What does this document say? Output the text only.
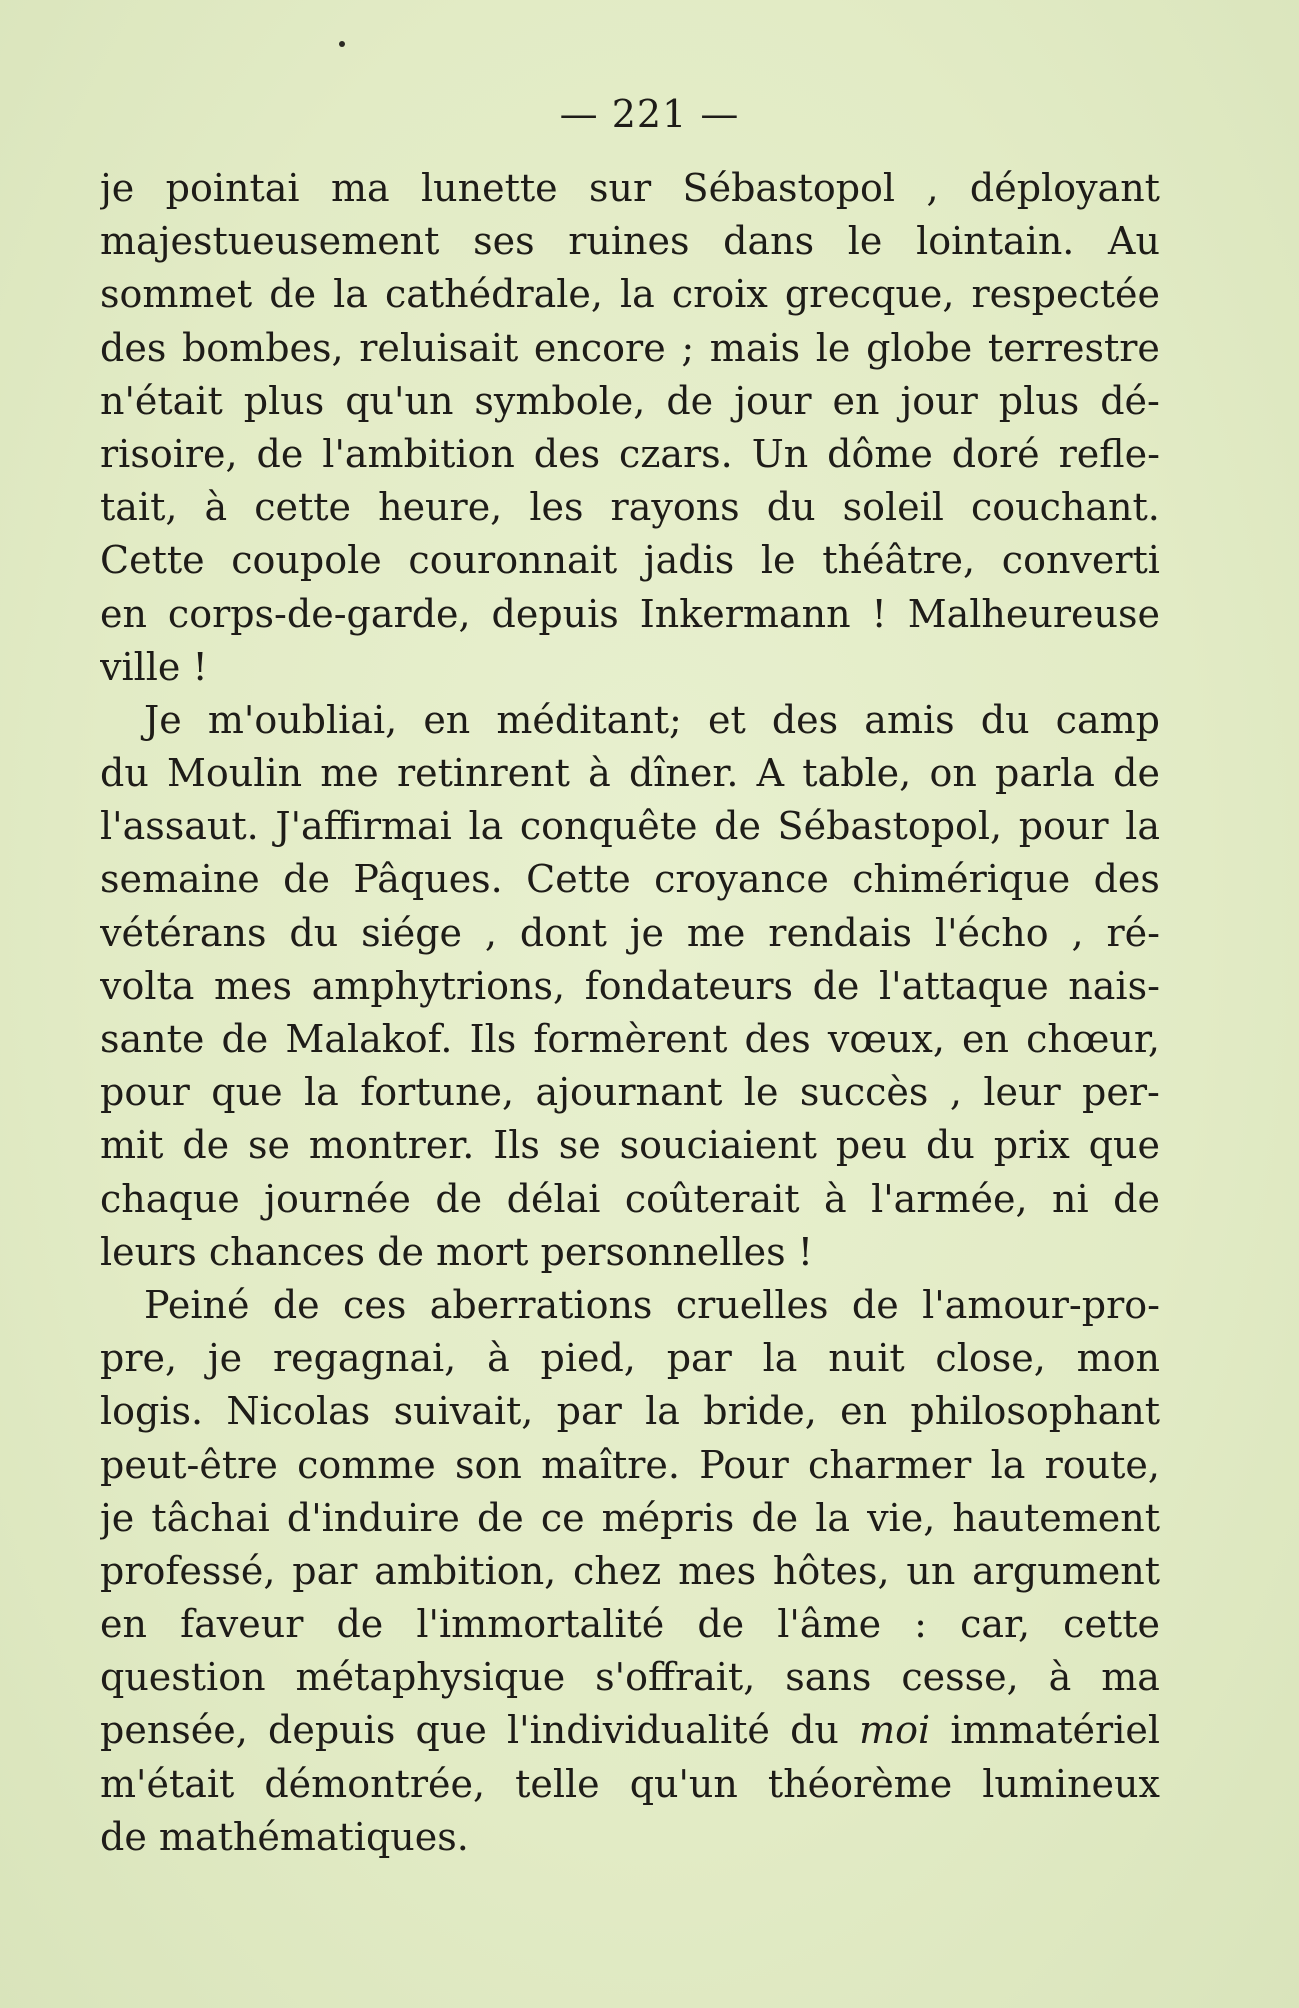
— 221 —
je pointai ma lunette sur Sébastopol , déployant
majestueusement ses ruines dans le lointain. Au
sommet de la cathédrale, la croix grecque, respectée
des bombes, reluisait encore ; mais le globe terrestre
n'était plus qu'un symbole, de jour en jour plus dé-
risoire, de l'ambition des czars. Un dôme doré refle-
tait, à cette heure, les rayons du soleil couchant.
Cette coupole couronnait jadis le théâtre, converti
en corps-de-garde, depuis Inkermann ! Malheureuse
ville
!
Je m'oubliai, en méditant; et des amis du camp
du Moulin me retinrent à dîner. A table, on parla de
l'assaut. J'affirmai la conquête de Sébastopol, pour la
semaine de Pâques. Cette croyance chimérique des
vétérans du siége , dont je me rendais l'écho , ré-
volta mes amphytrions, fondateurs de l'attaque nais-
sante de Malakof. Ils formèrent des vœux, en chœur,
pour que la fortune, ajournant le succès , leur per-
mit de se montrer. Ils se souciaient peu du prix que
chaque journée de délai coûterait à l'armée, ni de
leurs
chances
de
mort
personnelles
!
Peiné de ces aberrations cruelles de l'amour-pro-
pre, je regagnai, à pied, par la nuit close, mon
logis. Nicolas suivait, par la bride, en philosophant
peut-être comme son maître. Pour charmer la route,
je tâchai d'induire de ce mépris de la vie, hautement
professé, par ambition, chez mes hôtes, un argument
en faveur de l'immortalité de l'âme : car, cette
question métaphysique s'offrait, sans cesse, à ma
pensée, depuis que l'individualité du moi immatériel
m'était démontrée, telle qu'un théorème lumineux
de
mathématiques.
